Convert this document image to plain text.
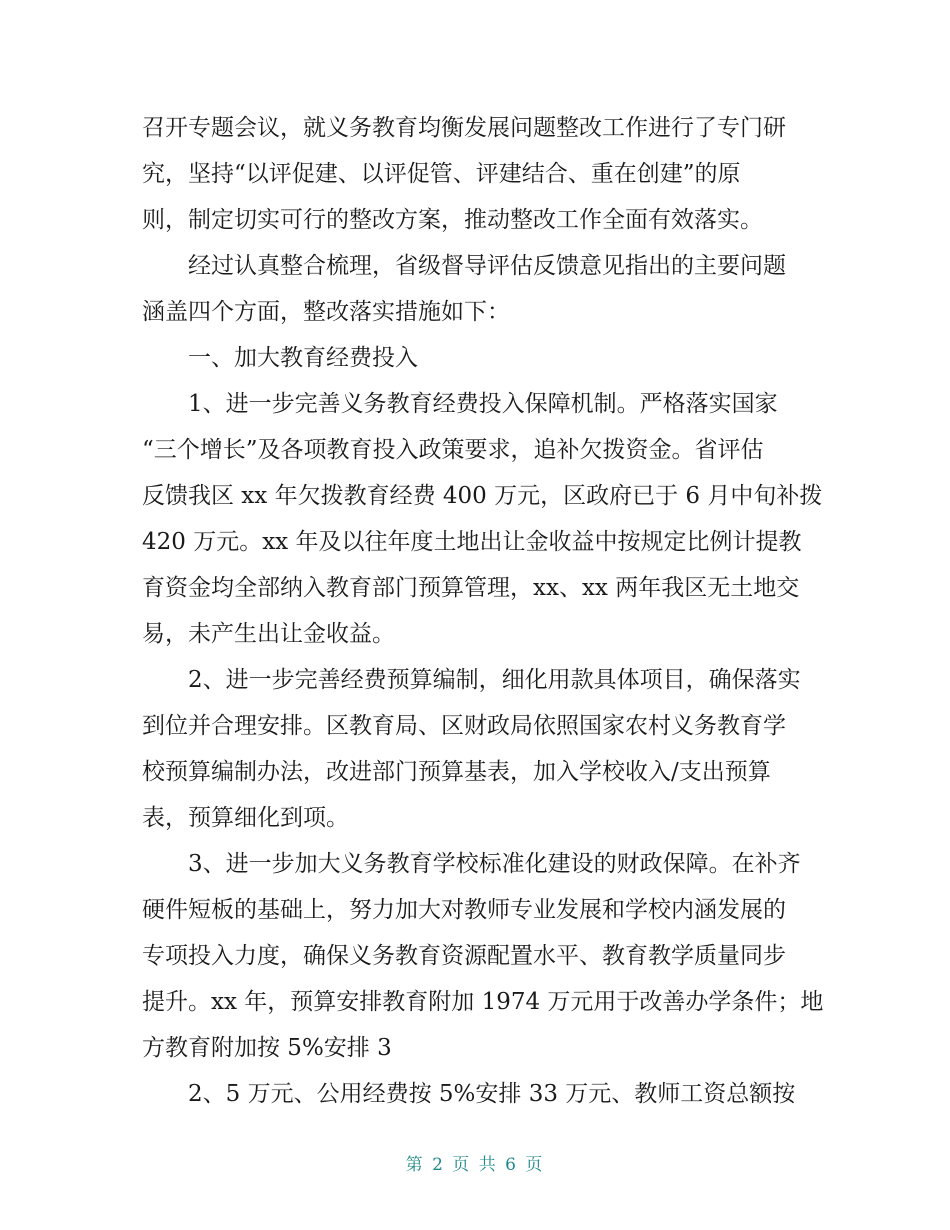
召开专题会议，就义务教育均衡发展问题整改工作进行了专门研
究，坚持“以评促建、以评促管、评建结合、重在创建”的原
则，制定切实可行的整改方案，推动整改工作全面有效落实。
经过认真整合梳理，省级督导评估反馈意见指出的主要问题
涵盖四个方面，整改落实措施如下：
一、加大教育经费投入
1、进一步完善义务教育经费投入保障机制。严格落实国家
“三个增长”及各项教育投入政策要求，追补欠拨资金。省评估
反馈我区 xx 年欠拨教育经费 400 万元，区政府已于 6 月中旬补拨
420 万元。xx 年及以往年度土地出让金收益中按规定比例计提教
育资金均全部纳入教育部门预算管理，xx、xx 两年我区无土地交
易，未产生出让金收益。
2、进一步完善经费预算编制，细化用款具体项目，确保落实
到位并合理安排。区教育局、区财政局依照国家农村义务教育学
校预算编制办法，改进部门预算基表，加入学校收入/支出预算
表，预算细化到项。
3、进一步加大义务教育学校标准化建设的财政保障。在补齐
硬件短板的基础上，努力加大对教师专业发展和学校内涵发展的
专项投入力度，确保义务教育资源配置水平、教育教学质量同步
提升。xx 年，预算安排教育附加 1974 万元用于改善办学条件；地
方教育附加按 5%安排 3
2、5 万元、公用经费按 5%安排 33 万元、教师工资总额按
第 2 页 共 6 页
